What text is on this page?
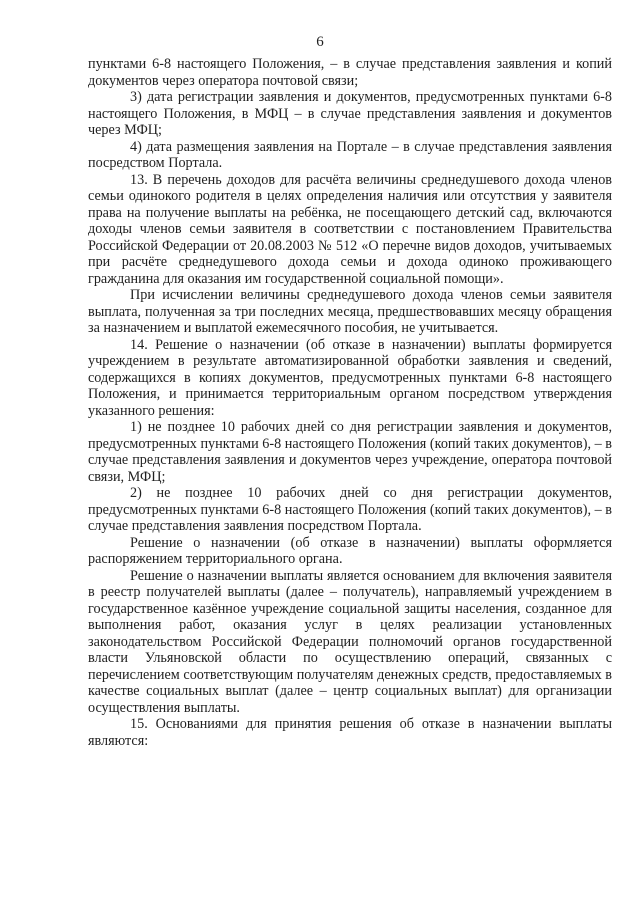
6

пунктами 6-8 настоящего Положения, – в случае представления заявления и копий документов через оператора почтовой связи;

3) дата регистрации заявления и документов, предусмотренных пунктами 6-8 настоящего Положения, в МФЦ – в случае представления заявления и документов через МФЦ;

4) дата размещения заявления на Портале – в случае представления заявления посредством Портала.

13. В перечень доходов для расчёта величины среднедушевого дохода членов семьи одинокого родителя в целях определения наличия или отсутствия у заявителя права на получение выплаты на ребёнка, не посещающего детский сад, включаются доходы членов семьи заявителя в соответствии с постановлением Правительства Российской Федерации от 20.08.2003 № 512 «О перечне видов доходов, учитываемых при расчёте среднедушевого дохода семьи и дохода одиноко проживающего гражданина для оказания им государственной социальной помощи».

При исчислении величины среднедушевого дохода членов семьи заявителя выплата, полученная за три последних месяца, предшествовавших месяцу обращения за назначением и выплатой ежемесячного пособия, не учитывается.

14. Решение о назначении (об отказе в назначении) выплаты формируется учреждением в результате автоматизированной обработки заявления и сведений, содержащихся в копиях документов, предусмотренных пунктами 6-8 настоящего Положения, и принимается территориальным органом посредством утверждения указанного решения:

1) не позднее 10 рабочих дней со дня регистрации заявления и документов, предусмотренных пунктами 6-8 настоящего Положения (копий таких документов), – в случае представления заявления и документов через учреждение, оператора почтовой связи, МФЦ;

2) не позднее 10 рабочих дней со дня регистрации документов, предусмотренных пунктами 6-8 настоящего Положения (копий таких документов), – в случае представления заявления посредством Портала.

Решение о назначении (об отказе в назначении) выплаты оформляется распоряжением территориального органа.

Решение о назначении выплаты является основанием для включения заявителя в реестр получателей выплаты (далее – получатель), направляемый учреждением в государственное казённое учреждение социальной защиты населения, созданное для выполнения работ, оказания услуг в целях реализации установленных законодательством Российской Федерации полномочий органов государственной власти Ульяновской области по осуществлению операций, связанных с перечислением соответствующим получателям денежных средств, предоставляемых в качестве социальных выплат (далее – центр социальных выплат) для организации осуществления выплаты.

15. Основаниями для принятия решения об отказе в назначении выплаты являются:
